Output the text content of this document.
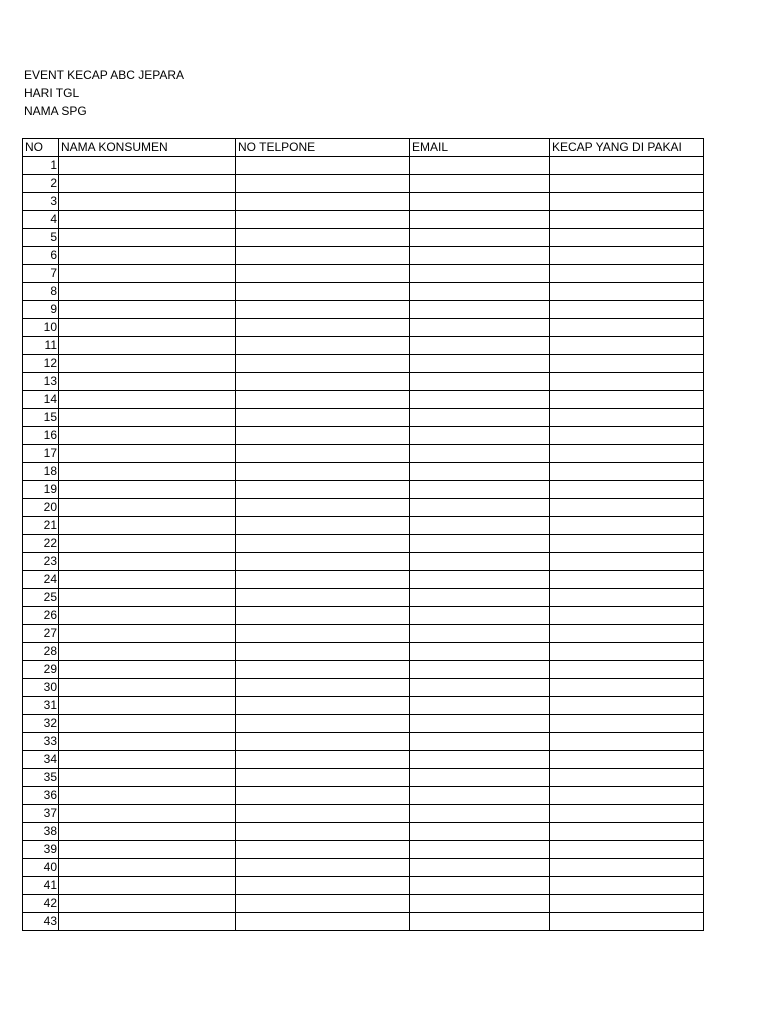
EVENT KECAP ABC JEPARA
HARI TGL
NAMA SPG
NO	NAMA KONSUMEN	NO TELPONE	EMAIL	KECAP YANG DI PAKAI
1				
2				
3				
4				
5				
6				
7				
8				
9				
10				
11				
12				
13				
14				
15				
16				
17				
18				
19				
20				
21				
22				
23				
24				
25				
26				
27				
28				
29				
30				
31				
32				
33				
34				
35				
36				
37				
38				
39				
40				
41				
42				
43				
